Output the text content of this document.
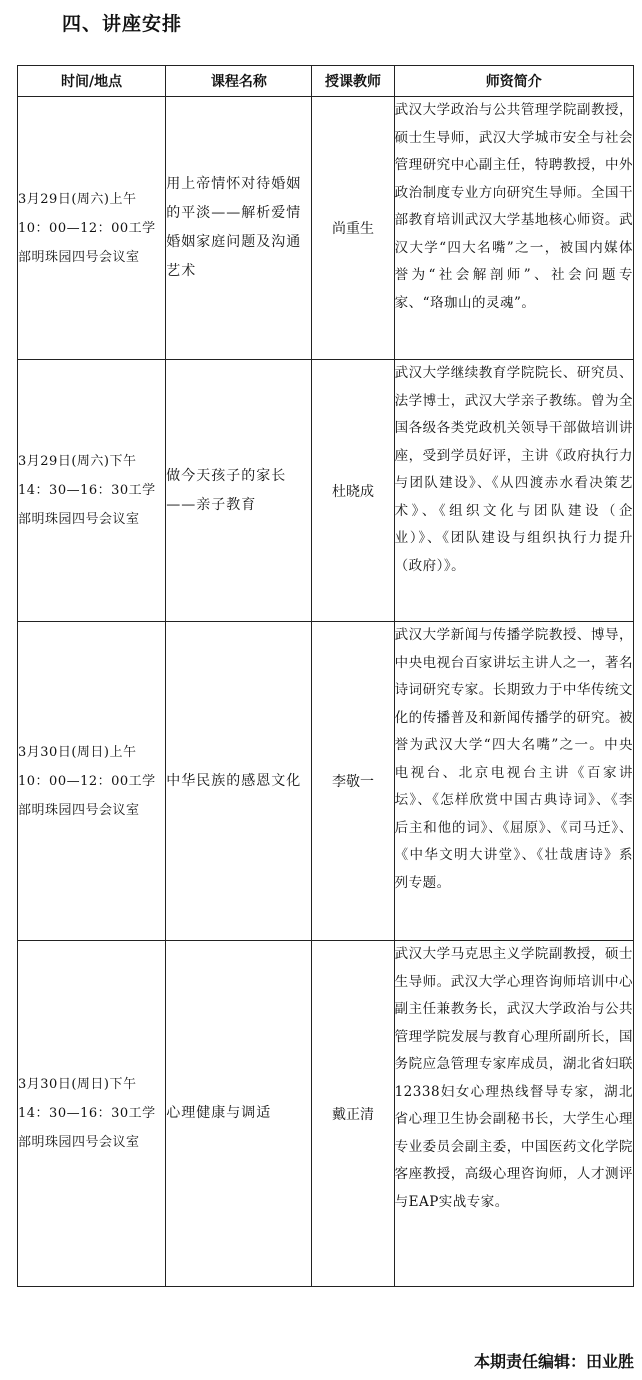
四、讲座安排
时间/地点	课程名称	授课教师	师资简介
3月29日(周六)上午10：00—12：00工学部明珠园四号会议室	用上帝情怀对待婚姻的平淡——解析爱情婚姻家庭问题及沟通艺术	尚重生	武汉大学政治与公共管理学院副教授，硕士生导师，武汉大学城市安全与社会管理研究中心副主任，特聘教授，中外政治制度专业方向研究生导师。全国干部教育培训武汉大学基地核心师资。武汉大学“四大名嘴”之一，被国内媒体誉为“社会解剖师”、社会问题专家、“珞珈山的灵魂”。
3月29日(周六)下午14：30—16：30工学部明珠园四号会议室	做今天孩子的家长——亲子教育	杜晓成	武汉大学继续教育学院院长、研究员、法学博士，武汉大学亲子教练。曾为全国各级各类党政机关领导干部做培训讲座，受到学员好评，主讲《政府执行力与团队建设》、《从四渡赤水看决策艺术》、《组织文化与团队建设（企业）》、《团队建设与组织执行力提升（政府）》。
3月30日(周日)上午10：00—12：00工学部明珠园四号会议室	中华民族的感恩文化	李敬一	武汉大学新闻与传播学院教授、博导，中央电视台百家讲坛主讲人之一，著名诗词研究专家。长期致力于中华传统文化的传播普及和新闻传播学的研究。被誉为武汉大学“四大名嘴”之一。中央电视台、北京电视台主讲《百家讲坛》、《怎样欣赏中国古典诗词》、《李后主和他的词》、《屈原》、《司马迁》、《中华文明大讲堂》、《壮哉唐诗》系列专题。
3月30日(周日)下午14：30—16：30工学部明珠园四号会议室	心理健康与调适	戴正清	武汉大学马克思主义学院副教授，硕士生导师。武汉大学心理咨询师培训中心副主任兼教务长，武汉大学政治与公共管理学院发展与教育心理所副所长，国务院应急管理专家库成员，湖北省妇联12338妇女心理热线督导专家，湖北省心理卫生协会副秘书长，大学生心理专业委员会副主委，中国医药文化学院客座教授，高级心理咨询师，人才测评与EAP实战专家。

本期责任编辑：田业胜
